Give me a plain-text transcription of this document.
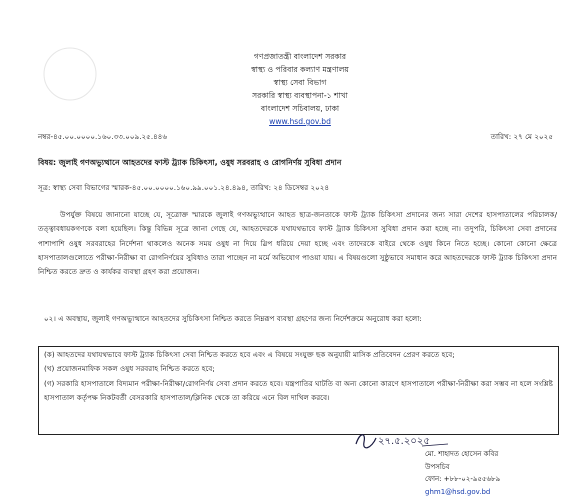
গণপ্রজাতন্ত্রী বাংলাদেশ সরকার
স্বাস্থ্য ও পরিবার কল্যাণ মন্ত্রণালয়
স্বাস্থ্য সেবা বিভাগ
সরকারি স্বাস্থ্য ব্যবস্থাপনা-১ শাখা
বাংলাদেশ সচিবালয়, ঢাকা
www.hsd.gov.bd
নম্বর-৪৫.০০.০০০০.১৬০.৩৩.০০৯.২৫.৪৪৬	তারিখ: ২৭ মে ২০২৫
বিষয়: জুলাই গণঅভ্যুত্থানে আহতদের ফাস্ট ট্র্যাক চিকিৎসা, ওষুধ সরবরাহ ও রোগনির্ণয় সুবিধা প্রদান
সূত্র: স্বাস্থ্য সেবা বিভাগের স্মারক-৪৫.০০.০০০০.১৬০.৯৯.০০১.২৪.৪৯৪, তারিখ: ২৪ ডিসেম্বর ২০২৪
উপর্যুক্ত বিষয়ে জানানো যাচ্ছে যে, সূত্রোক্ত স্মারকে জুলাই গণঅভ্যুত্থানে আহত ছাত্র-জনতাকে ফাস্ট ট্র্যাক চিকিৎসা প্রদানের জন্য সারা দেশের হাসপাতালের পরিচালক/তত্ত্বাবধায়কগণকে বলা হয়েছিল। কিন্তু বিভিন্ন সূত্রে জানা গেছে যে, আহতদেরকে যথাযথভাবে ফাস্ট ট্র্যাক চিকিৎসা সুবিধা প্রদান করা হচ্ছে না। তদুপরি, চিকিৎসা সেবা প্রদানের পাশাপাশি ওষুধ সরবরাহের নির্দেশনা থাকলেও অনেক সময় ওষুধ না দিয়ে স্লিপ ধরিয়ে দেয়া হচ্ছে এবং তাদেরকে বাইরে থেকে ওষুধ কিনে নিতে হচ্ছে। কোনো কোনো ক্ষেত্রে হাসপাতালগুলোতে পরীক্ষা-নিরীক্ষা বা রোগনির্ণয়ের সুবিধাও তারা পাচ্ছেন না মর্মে অভিযোগ পাওয়া যায়। এ বিষয়গুলো সুষ্ঠুভাবে সমাধান করে আহতদেরকে ফাস্ট ট্র্যাক চিকিৎসা প্রদান নিশ্চিত করতে দ্রুত ও কার্যকর ব্যবস্থা গ্রহণ করা প্রয়োজন।
০২। এ অবস্থায়, জুলাই গণঅভ্যুত্থানে আহতদের সুচিকিৎসা নিশ্চিত করতে নিম্নরূপ ব্যবস্থা গ্রহণের জন্য নির্দেশক্রমে অনুরোধ করা হলো:

(ক) আহতদের যথাযথভাবে ফাস্ট ট্র্যাক চিকিৎসা সেবা নিশ্চিত করতে হবে এবং এ বিষয়ে সংযুক্ত ছক অনুযায়ী মাসিক প্রতিবেদন প্রেরণ করতে হবে;

(খ) প্রয়োজনমাফিক সকল ওষুধ সরবরাহ নিশ্চিত করতে হবে;

(গ) সরকারি হাসপাতালে বিদ্যমান পরীক্ষা-নিরীক্ষা/রোগনির্ণয় সেবা প্রদান করতে হবে। যন্ত্রপাতির ঘাটতি বা অন্য কোনো কারণে হাসপাতালে পরীক্ষা-নিরীক্ষা করা সম্ভব না হলে সংশ্লিষ্ট হাসপাতাল কর্তৃপক্ষ নিকটবর্তী বেসরকারি হাসপাতাল/ক্লিনিক থেকে তা করিয়ে এনে বিল দাখিল করবে।

২৭.৫.২০২৫
মো. শাহাদত হোসেন কবির
উপসচিব
ফোন: +৮৮-০২-৯৫৫৬৮৯
ghm1@hsd.gov.bd
